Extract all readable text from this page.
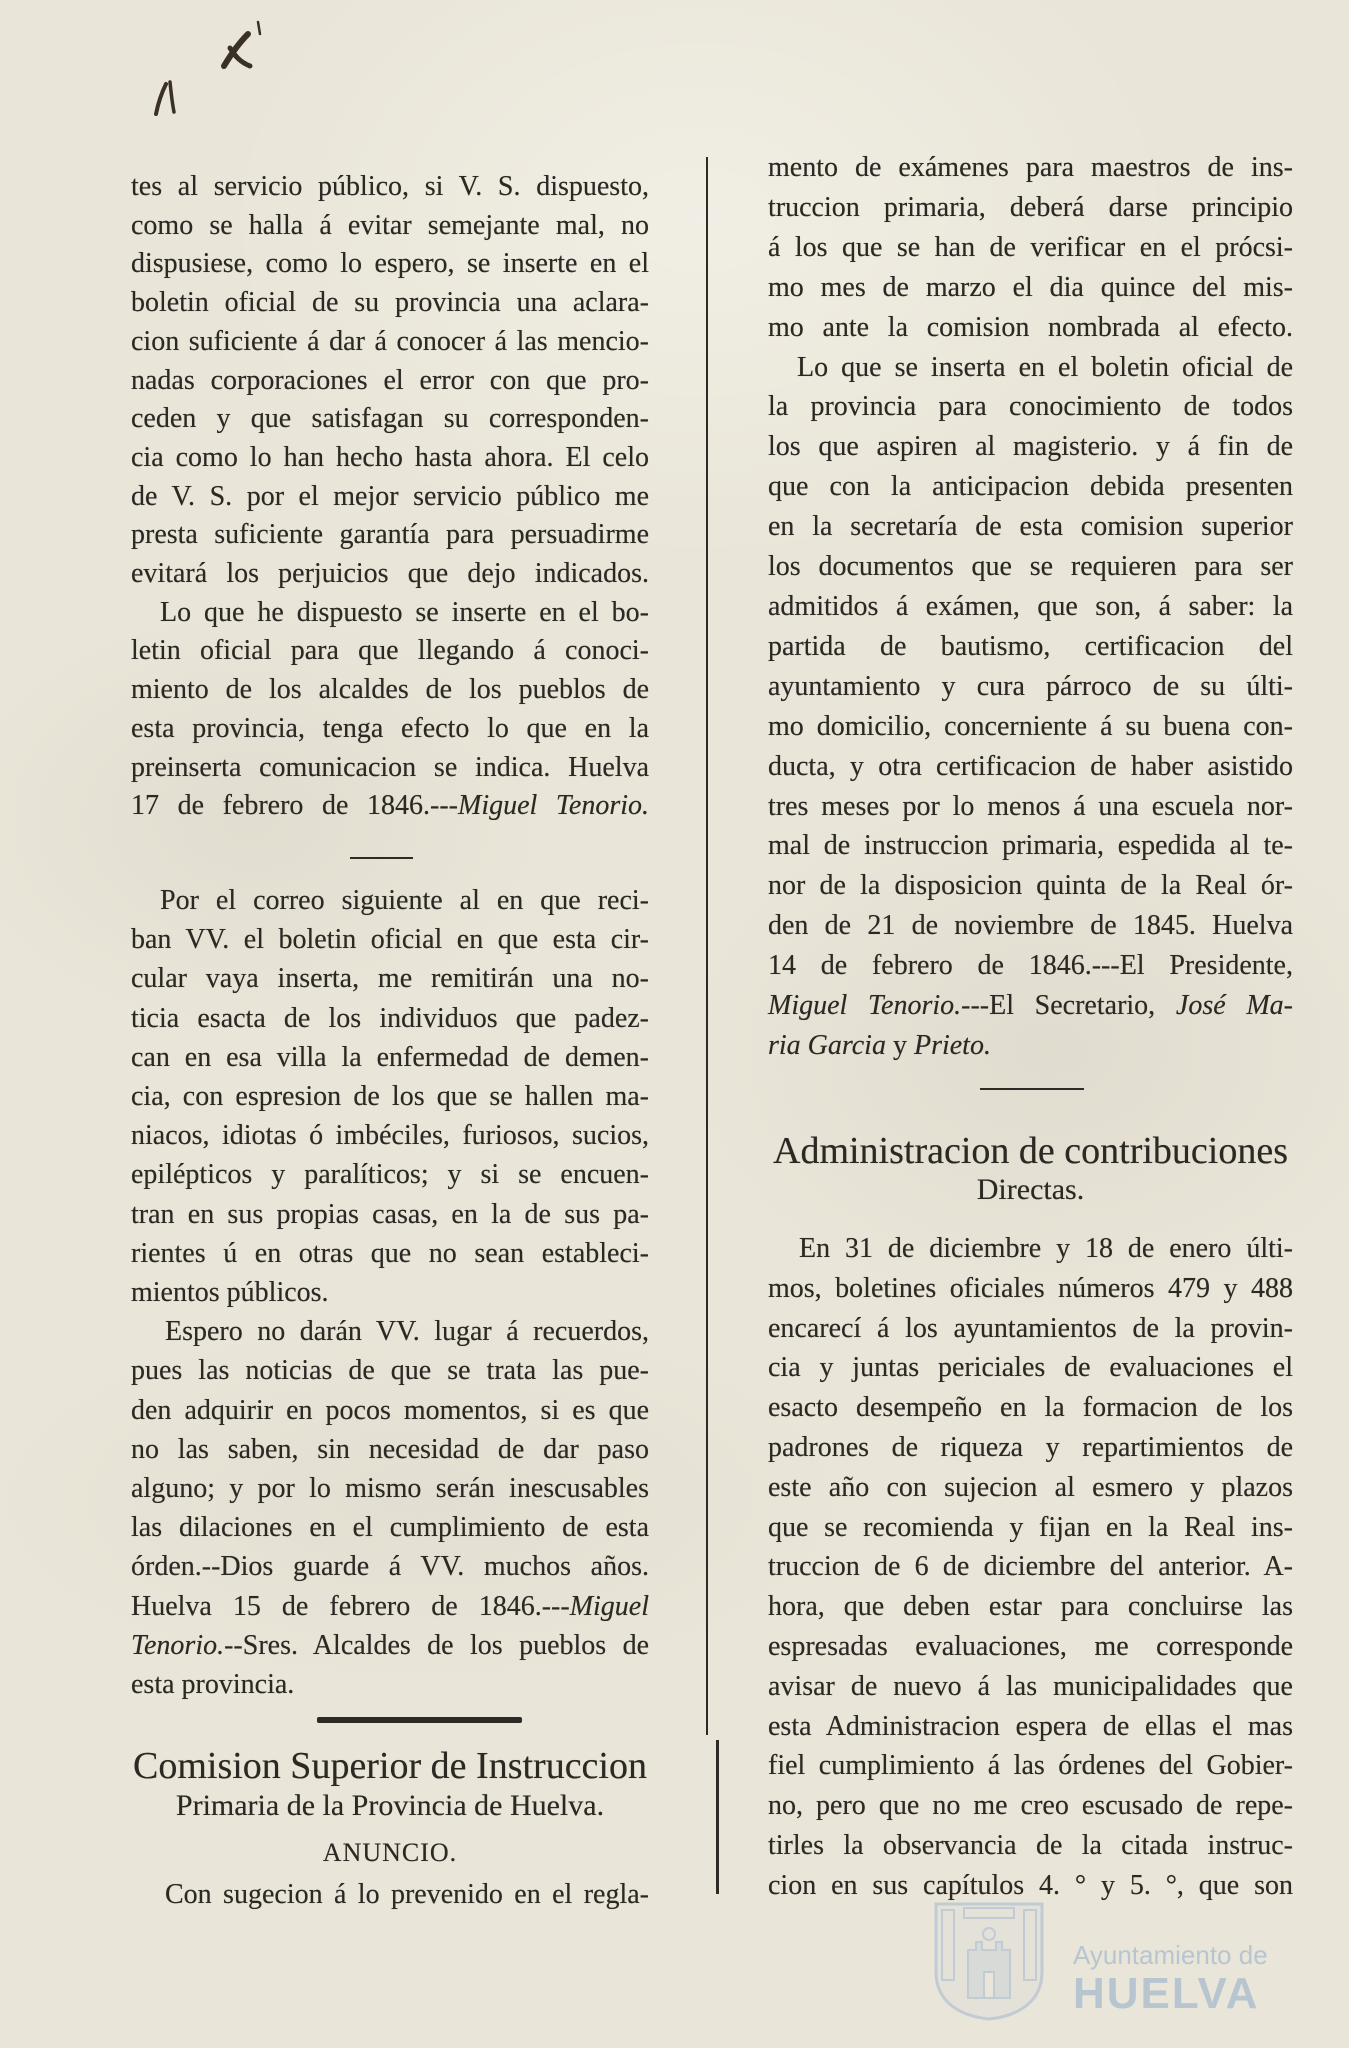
tes al servicio público, si V. S. dispuesto,
como se halla á evitar semejante mal, no
dispusiese, como lo espero, se inserte en el
boletin oficial de su provincia una aclara-
cion suficiente á dar á conocer á las mencio-
nadas corporaciones el error con que pro-
ceden y que satisfagan su corresponden-
cia como lo han hecho hasta ahora. El celo
de V. S. por el mejor servicio público me
presta suficiente garantía para persuadirme
evitará los perjuicios que dejo indicados.
Lo que he dispuesto se inserte en el bo-
letin oficial para que llegando á conoci-
miento de los alcaldes de los pueblos de
esta provincia, tenga efecto lo que en la
preinserta comunicacion se indica. Huelva
17 de febrero de 1846.---Miguel Tenorio.
Por el correo siguiente al en que reci-
ban VV. el boletin oficial en que esta cir-
cular vaya inserta, me remitirán una no-
ticia esacta de los individuos que padez-
can en esa villa la enfermedad de demen-
cia, con espresion de los que se hallen ma-
niacos, idiotas ó imbéciles, furiosos, sucios,
epilépticos y paralíticos; y si se encuen-
tran en sus propias casas, en la de sus pa-
rientes ú en otras que no sean estableci-
mientos públicos.
Espero no darán VV. lugar á recuerdos,
pues las noticias de que se trata las pue-
den adquirir en pocos momentos, si es que
no las saben, sin necesidad de dar paso
alguno; y por lo mismo serán inescusables
las dilaciones en el cumplimiento de esta
órden.--Dios guarde á VV. muchos años.
Huelva 15 de febrero de 1846.---Miguel
Tenorio.--Sres. Alcaldes de los pueblos de
esta provincia.
Comision Superior de Instruccion
Primaria de la Provincia de Huelva.
ANUNCIO.
Con sugecion á lo prevenido en el regla-
mento de exámenes para maestros de ins-
truccion primaria, deberá darse principio
á los que se han de verificar en el prócsi-
mo mes de marzo el dia quince del mis-
mo ante la comision nombrada al efecto.
Lo que se inserta en el boletin oficial de
la provincia para conocimiento de todos
los que aspiren al magisterio. y á fin de
que con la anticipacion debida presenten
en la secretaría de esta comision superior
los documentos que se requieren para ser
admitidos á exámen, que son, á saber: la
partida de bautismo, certificacion del
ayuntamiento y cura párroco de su últi-
mo domicilio, concerniente á su buena con-
ducta, y otra certificacion de haber asistido
tres meses por lo menos á una escuela nor-
mal de instruccion primaria, espedida al te-
nor de la disposicion quinta de la Real ór-
den de 21 de noviembre de 1845. Huelva
14 de febrero de 1846.---El Presidente,
Miguel Tenorio.---El Secretario, José Ma-
ria Garcia y Prieto.
Administracion de contribuciones
Directas.
En 31 de diciembre y 18 de enero últi-
mos, boletines oficiales números 479 y 488
encarecí á los ayuntamientos de la provin-
cia y juntas periciales de evaluaciones el
esacto desempeño en la formacion de los
padrones de riqueza y repartimientos de
este año con sujecion al esmero y plazos
que se recomienda y fijan en la Real ins-
truccion de 6 de diciembre del anterior. A-
hora, que deben estar para concluirse las
espresadas evaluaciones, me corresponde
avisar de nuevo á las municipalidades que
esta Administracion espera de ellas el mas
fiel cumplimiento á las órdenes del Gobier-
no, pero que no me creo escusado de repe-
tirles la observancia de la citada instruc-
cion en sus capítulos 4. ° y 5. °, que son
Ayuntamiento de
HUELVA
